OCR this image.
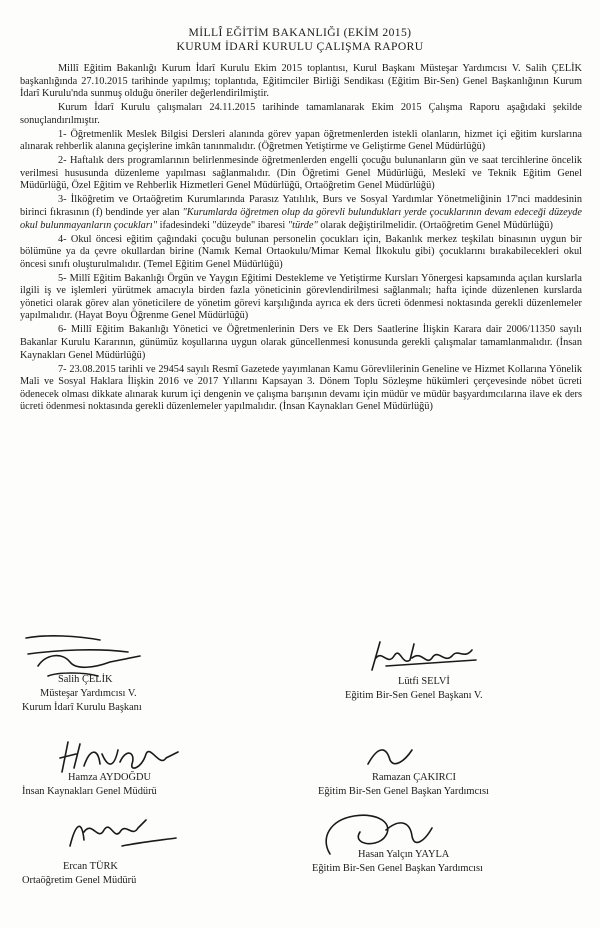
MİLLÎ EĞİTİM BAKANLIĞI (EKİM 2015)
KURUM İDARİ KURULU ÇALIŞMA RAPORU

Millî Eğitim Bakanlığı Kurum İdarî Kurulu Ekim 2015 toplantısı, Kurul Başkanı Müsteşar Yardımcısı V. Salih ÇELİK başkanlığında 27.10.2015 tarihinde yapılmış; toplantıda, Eğitimciler Birliği Sendikası (Eğitim Bir-Sen) Genel Başkanlığının Kurum İdarî Kurulu'nda sunmuş olduğu öneriler değerlendirilmiştir.

Kurum İdarî Kurulu çalışmaları 24.11.2015 tarihinde tamamlanarak Ekim 2015 Çalışma Raporu aşağıdaki şekilde sonuçlandırılmıştır.

1- Öğretmenlik Meslek Bilgisi Dersleri alanında görev yapan öğretmenlerden istekli olanların, hizmet içi eğitim kurslarına alınarak rehberlik alanına geçişlerine imkân tanınmalıdır. (Öğretmen Yetiştirme ve Geliştirme Genel Müdürlüğü)

2- Haftalık ders programlarının belirlenmesinde öğretmenlerden engelli çocuğu bulunanların gün ve saat tercihlerine öncelik verilmesi hususunda düzenleme yapılması sağlanmalıdır. (Din Öğretimi Genel Müdürlüğü, Meslekî ve Teknik Eğitim Genel Müdürlüğü, Özel Eğitim ve Rehberlik Hizmetleri Genel Müdürlüğü, Ortaöğretim Genel Müdürlüğü)

3- İlköğretim ve Ortaöğretim Kurumlarında Parasız Yatılılık, Burs ve Sosyal Yardımlar Yönetmeliğinin 17'nci maddesinin birinci fıkrasının (f) bendinde yer alan "Kurumlarda öğretmen olup da görevli bulundukları yerde çocuklarının devam edeceği düzeyde okul bulunmayanların çocukları" ifadesindeki "düzeyde" ibaresi "türde" olarak değiştirilmelidir. (Ortaöğretim Genel Müdürlüğü)

4- Okul öncesi eğitim çağındaki çocuğu bulunan personelin çocukları için, Bakanlık merkez teşkilatı binasının uygun bir bölümüne ya da çevre okullardan birine (Namık Kemal Ortaokulu/Mimar Kemal İlkokulu gibi) çocuklarını bırakabilecekleri okul öncesi sınıfı oluşturulmalıdır. (Temel Eğitim Genel Müdürlüğü)

5- Millî Eğitim Bakanlığı Örgün ve Yaygın Eğitimi Destekleme ve Yetiştirme Kursları Yönergesi kapsamında açılan kurslarla ilgili iş ve işlemleri yürütmek amacıyla birden fazla yöneticinin görevlendirilmesi sağlanmalı; hafta içinde düzenlenen kurslarda yönetici olarak görev alan yöneticilere de yönetim görevi karşılığında ayrıca ek ders ücreti ödenmesi noktasında gerekli düzenlemeler yapılmalıdır. (Hayat Boyu Öğrenme Genel Müdürlüğü)

6- Millî Eğitim Bakanlığı Yönetici ve Öğretmenlerinin Ders ve Ek Ders Saatlerine İlişkin Karara dair 2006/11350 sayılı Bakanlar Kurulu Kararının, günümüz koşullarına uygun olarak güncellenmesi konusunda gerekli çalışmalar tamamlanmalıdır. (İnsan Kaynakları Genel Müdürlüğü)

7- 23.08.2015 tarihli ve 29454 sayılı Resmî Gazetede yayımlanan Kamu Görevlilerinin Geneline ve Hizmet Kollarına Yönelik Mali ve Sosyal Haklara İlişkin 2016 ve 2017 Yıllarını Kapsayan 3. Dönem Toplu Sözleşme hükümleri çerçevesinde nöbet ücreti ödenecek olması dikkate alınarak kurum içi dengenin ve çalışma barışının devamı için müdür ve müdür başyardımcılarına ilave ek ders ücreti ödenmesi noktasında gerekli düzenlemeler yapılmalıdır. (İnsan Kaynakları Genel Müdürlüğü)

Salih ÇELİK
Müsteşar Yardımcısı V.
Kurum İdarî Kurulu Başkanı
Lütfi SELVİ
Eğitim Bir-Sen Genel Başkanı V.
Hamza AYDOĞDU
İnsan Kaynakları Genel Müdürü
Ramazan ÇAKIRCI
Eğitim Bir-Sen Genel Başkan Yardımcısı
Ercan TÜRK
Ortaöğretim Genel Müdürü
Hasan Yalçın YAYLA
Eğitim Bir-Sen Genel Başkan Yardımcısı
